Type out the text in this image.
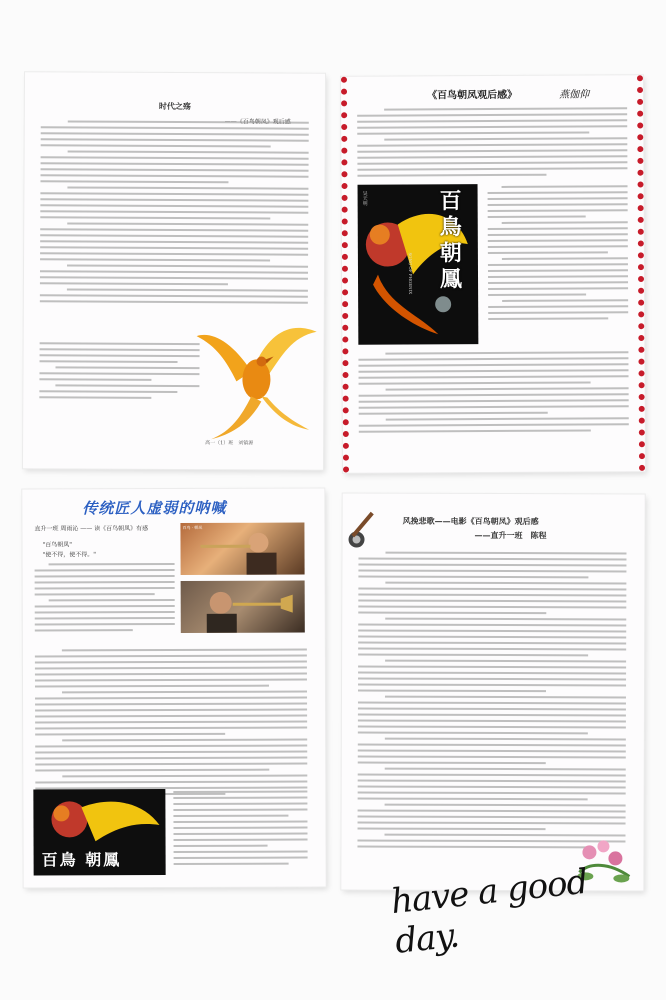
时代之殇
高一（1）班　刘镇源
《百鸟朝凤观后感》	燕伽仰
吴天明	百
鳥
朝
鳳
SONG OF PHOENIX
传统匠人虚弱的呐喊
直升一班 周雨沁 —— 读《百鸟朝凤》有感
"百鸟朝凤"
"使不得，使不得。"
百鸟 · 朝凤
百鳥 朝鳳
风挽悲歌——电影《百鸟朝凤》观后感
——直升一班　陈程
have a good day.
